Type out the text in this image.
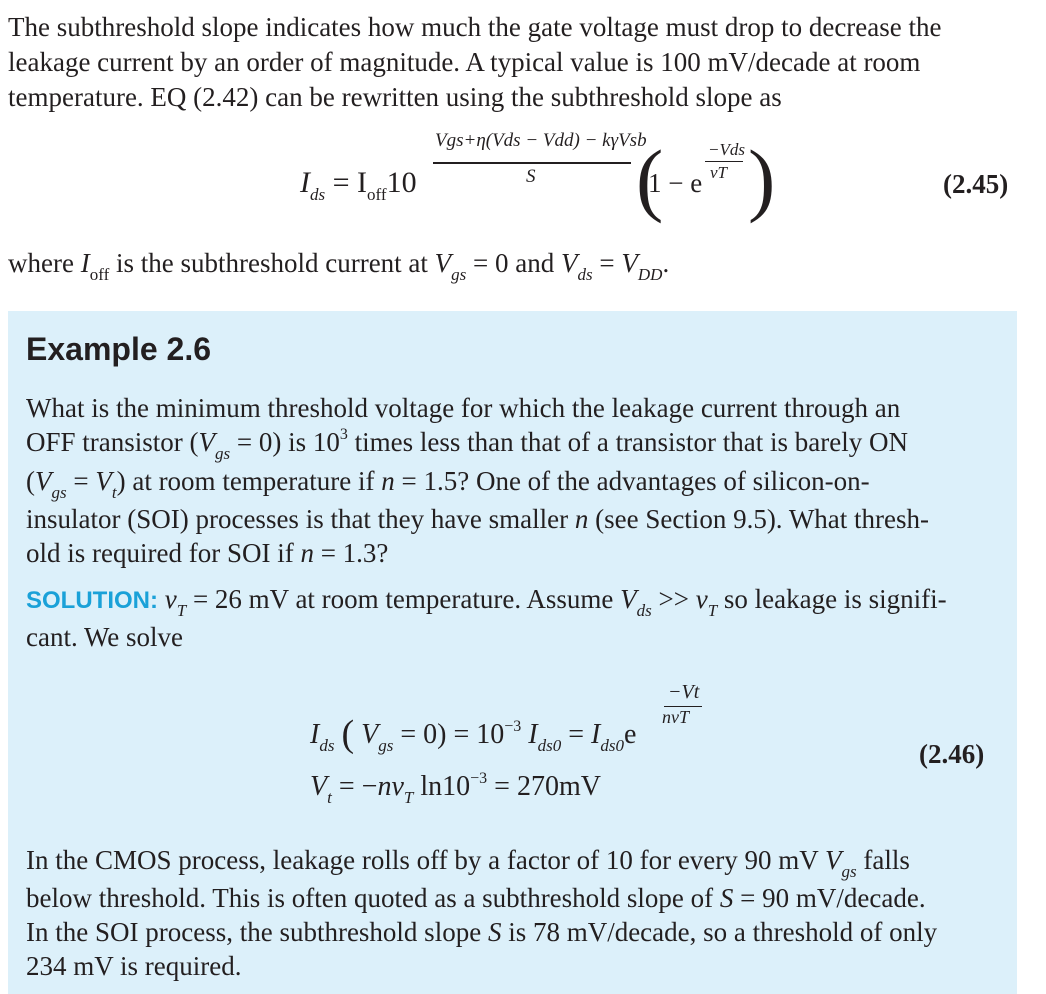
The subthreshold slope indicates how much the gate voltage must drop to decrease the
leakage current by an order of magnitude. A typical value is 100 mV/decade at room
temperature. EQ (2.42) can be rewritten using the subthreshold slope as

$I_{ds} = I_{off}10$
Vgs+η(Vds − Vdd) − kγVsb
S (
1 − e
−Vds
vT )	(2.45)

where $I_{off}$ is the subthreshold current at $V_{gs} = 0$ and $V_{ds} = V_{DD}$.

Example 2.6

What is the minimum threshold voltage for which the leakage current through an
OFF transistor $(V_{gs} = 0)$ is $10^3$ times less than that of a transistor that is barely ON
$(V_{gs} = V_t)$ at room temperature if n = 1.5? One of the advantages of silicon-on-
insulator (SOI) processes is that they have smaller n (see Section 9.5). What thresh-
old is required for SOI if n = 1.3?

SOLUTION: $v_T = 26$ mV at room temperature. Assume $V_{ds} >> v_T$ so leakage is signifi-
cant. We solve

$I_{ds}$ ( $V_{gs} = 0) = 10^{-3}$ $I_{ds0} = I_{ds0}e$
−Vt
nvT
$V_t = -nv_T$ $\ln 10^{-3} = 270mV$
(2.46)

In the CMOS process, leakage rolls off by a factor of 10 for every 90 mV $V_{gs}$ falls
below threshold. This is often quoted as a subthreshold slope of S = 90 mV/decade.
In the SOI process, the subthreshold slope S is 78 mV/decade, so a threshold of only
234 mV is required.
